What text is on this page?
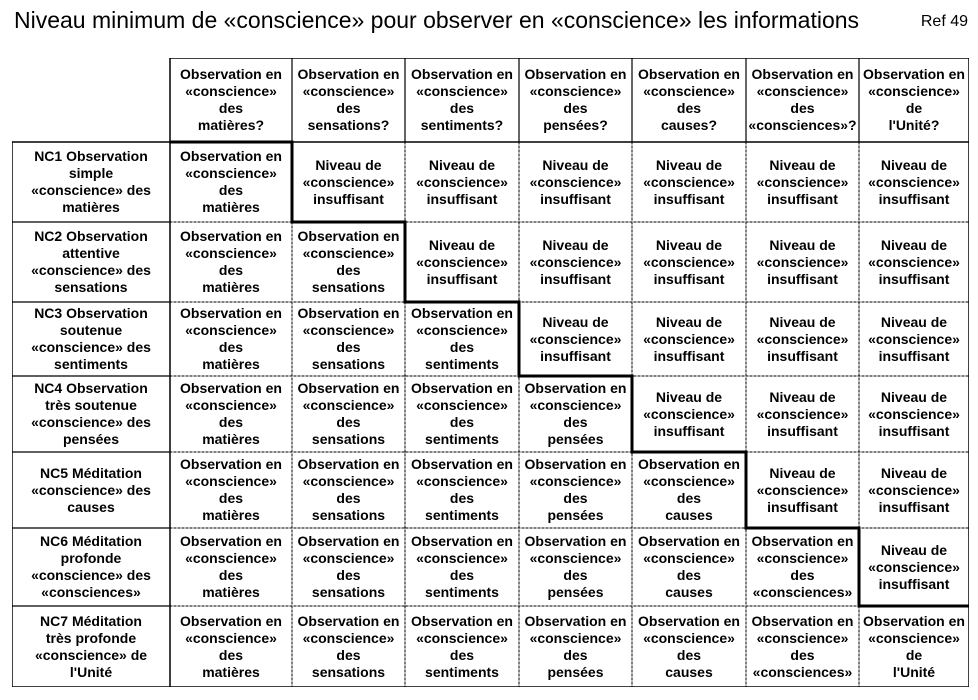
Niveau minimum de «conscience» pour observer en «conscience» les informations	Ref 49
Observation en
«conscience»
des
matières?
Observation en
«conscience»
des
sensations?
Observation en
«conscience»
des
sentiments?
Observation en
«conscience»
des
pensées?
Observation en
«conscience»
des
causes?
Observation en
«conscience»
des
«consciences»?
Observation en
«conscience»
de
l'Unité?
NC1 Observation
simple
«conscience» des
matières
Observation en
«conscience»
des
matières
Niveau de
«conscience»
insuffisant
Niveau de
«conscience»
insuffisant
Niveau de
«conscience»
insuffisant
Niveau de
«conscience»
insuffisant
Niveau de
«conscience»
insuffisant
Niveau de
«conscience»
insuffisant
NC2 Observation
attentive
«conscience» des
sensations
Observation en
«conscience»
des
matières
Observation en
«conscience»
des
sensations
Niveau de
«conscience»
insuffisant
Niveau de
«conscience»
insuffisant
Niveau de
«conscience»
insuffisant
Niveau de
«conscience»
insuffisant
Niveau de
«conscience»
insuffisant
NC3 Observation
soutenue
«conscience» des
sentiments
Observation en
«conscience»
des
matières
Observation en
«conscience»
des
sensations
Observation en
«conscience»
des
sentiments
Niveau de
«conscience»
insuffisant
Niveau de
«conscience»
insuffisant
Niveau de
«conscience»
insuffisant
Niveau de
«conscience»
insuffisant
NC4 Observation
très soutenue
«conscience» des
pensées
Observation en
«conscience»
des
matières
Observation en
«conscience»
des
sensations
Observation en
«conscience»
des
sentiments
Observation en
«conscience»
des
pensées
Niveau de
«conscience»
insuffisant
Niveau de
«conscience»
insuffisant
Niveau de
«conscience»
insuffisant
NC5 Méditation
«conscience» des
causes
Observation en
«conscience»
des
matières
Observation en
«conscience»
des
sensations
Observation en
«conscience»
des
sentiments
Observation en
«conscience»
des
pensées
Observation en
«conscience»
des
causes
Niveau de
«conscience»
insuffisant
Niveau de
«conscience»
insuffisant
NC6 Méditation
profonde
«conscience» des
«consciences»
Observation en
«conscience»
des
matières
Observation en
«conscience»
des
sensations
Observation en
«conscience»
des
sentiments
Observation en
«conscience»
des
pensées
Observation en
«conscience»
des
causes
Observation en
«conscience»
des
«consciences»
Niveau de
«conscience»
insuffisant
NC7 Méditation
très profonde
«conscience» de
l'Unité
Observation en
«conscience»
des
matières
Observation en
«conscience»
des
sensations
Observation en
«conscience»
des
sentiments
Observation en
«conscience»
des
pensées
Observation en
«conscience»
des
causes
Observation en
«conscience»
des
«consciences»
Observation en
«conscience»
de
l'Unité
